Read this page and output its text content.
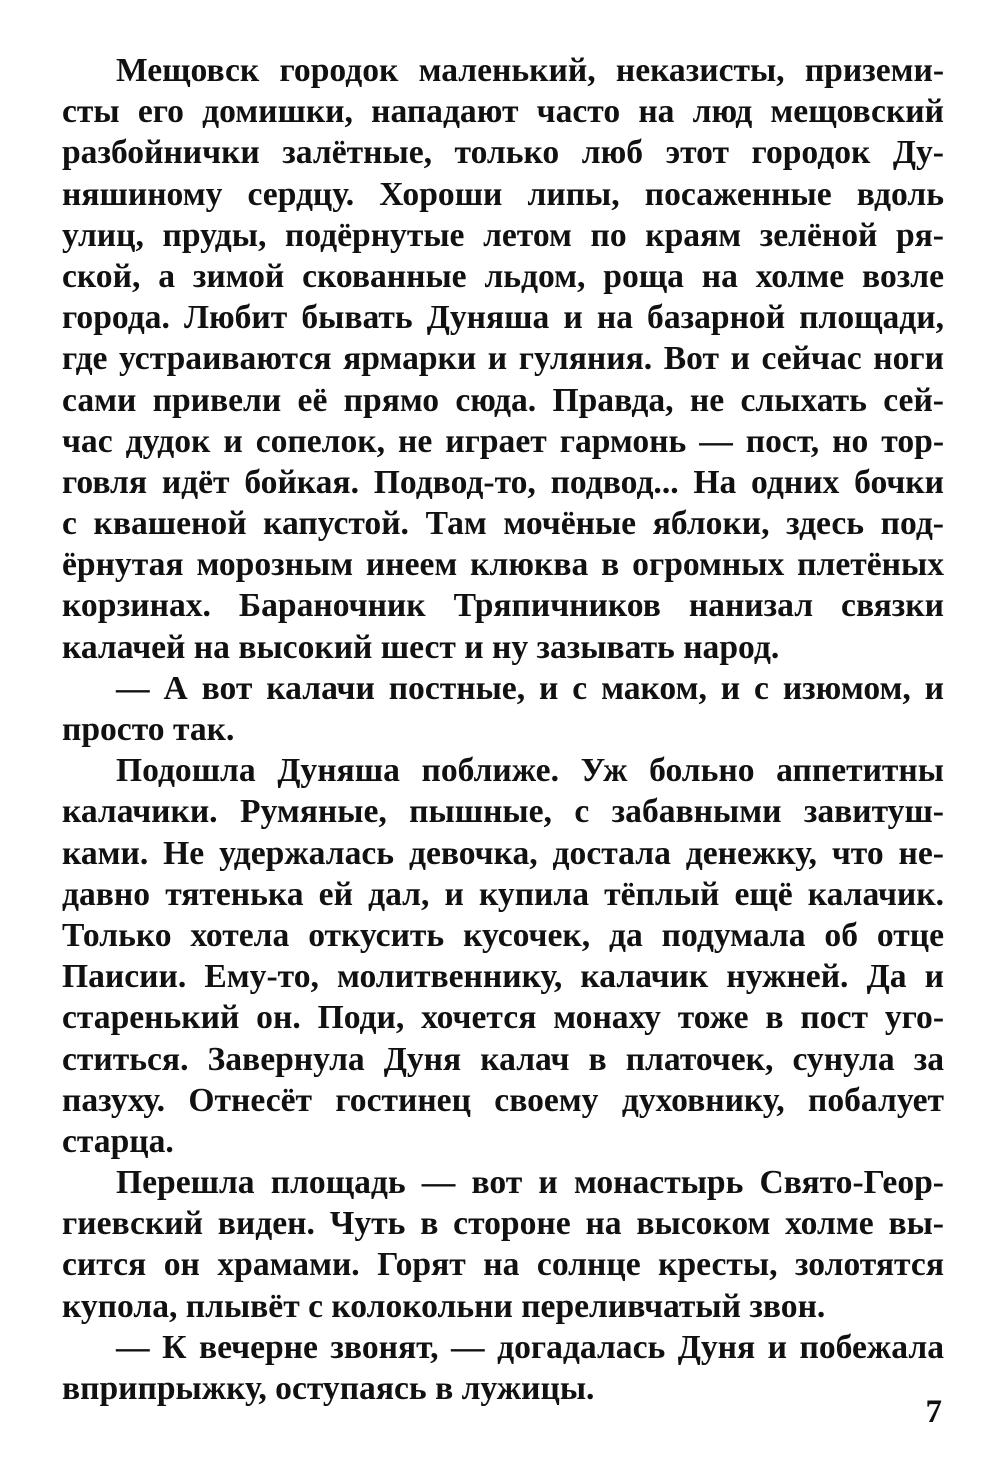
Мещовск городок маленький, неказисты, приземи-
сты его домишки, нападают часто на люд мещовский
разбойнички залётные, только люб этот городок Ду-
няшиному сердцу. Хороши липы, посаженные вдоль
улиц, пруды, подёрнутые летом по краям зелёной ря-
ской, а зимой скованные льдом, роща на холме возле
города. Любит бывать Дуняша и на базарной площади,
где устраиваются ярмарки и гуляния. Вот и сейчас ноги
сами привели её прямо сюда. Правда, не слыхать сей-
час дудок и сопелок, не играет гармонь — пост, но тор-
говля идёт бойкая. Подвод-то, подвод... На одних бочки
с квашеной капустой. Там мочёные яблоки, здесь под-
ёрнутая морозным инеем клюква в огромных плетёных
корзинах. Бараночник Тряпичников нанизал связки
калачей на высокий шест и ну зазывать народ.
— А вот калачи постные, и с маком, и с изюмом, и
просто так.
Подошла Дуняша поближе. Уж больно аппетитны
калачики. Румяные, пышные, с забавными завитуш-
ками. Не удержалась девочка, достала денежку, что не-
давно тятенька ей дал, и купила тёплый ещё калачик.
Только хотела откусить кусочек, да подумала об отце
Паисии. Ему-то, молитвеннику, калачик нужней. Да и
старенький он. Поди, хочется монаху тоже в пост уго-
ститься. Завернула Дуня калач в платочек, сунула за
пазуху. Отнесёт гостинец своему духовнику, побалует
старца.
Перешла площадь — вот и монастырь Свято-Геор-
гиевский виден. Чуть в стороне на высоком холме вы-
сится он храмами. Горят на солнце кресты, золотятся
купола, плывёт с колокольни переливчатый звон.
— К вечерне звонят, — догадалась Дуня и побежала
вприпрыжку, оступаясь в лужицы.
7
